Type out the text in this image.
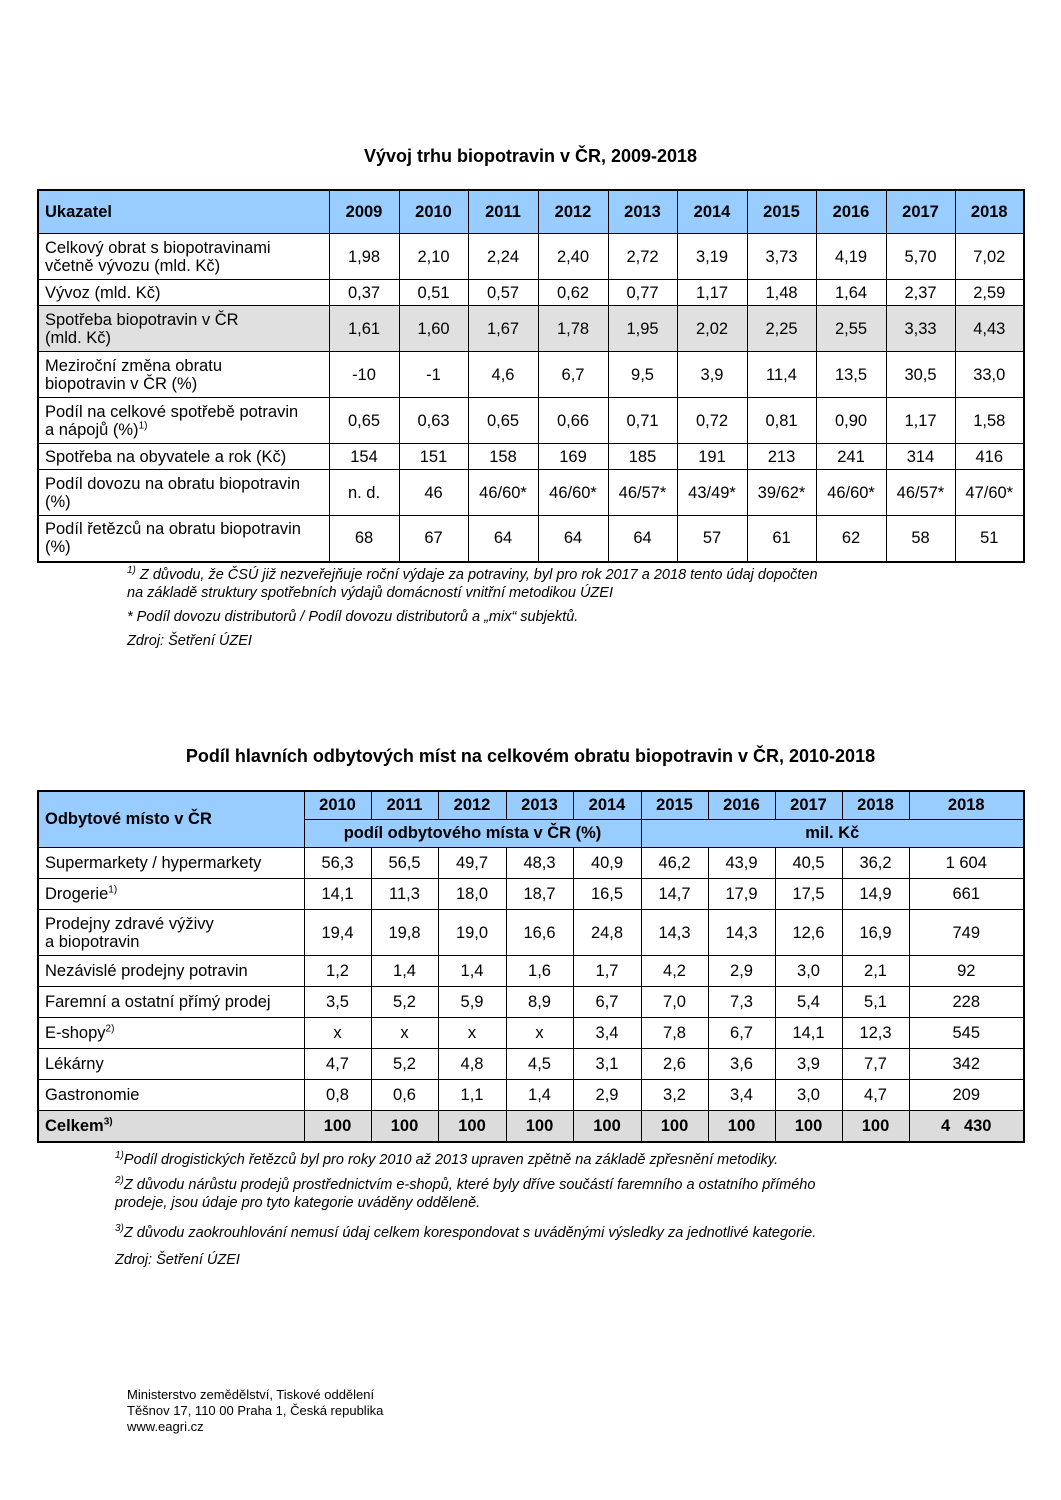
Vývoj trhu biopotravin v ČR, 2009-2018
Ukazatel	2009	2010	2011	2012	2013	2014	2015	2016	2017	2018
Celkový obrat s biopotravinami
včetně vývozu (mld. Kč)	1,98	2,10	2,24	2,40	2,72	3,19	3,73	4,19	5,70	7,02
Vývoz (mld. Kč)	0,37	0,51	0,57	0,62	0,77	1,17	1,48	1,64	2,37	2,59
Spotřeba biopotravin v ČR
(mld. Kč)	1,61	1,60	1,67	1,78	1,95	2,02	2,25	2,55	3,33	4,43
Meziroční změna obratu
biopotravin v ČR (%)	-10	-1	4,6	6,7	9,5	3,9	11,4	13,5	30,5	33,0
Podíl na celkové spotřebě potravin
a nápojů (%)$^{1)}$	0,65	0,63	0,65	0,66	0,71	0,72	0,81	0,90	1,17	1,58
Spotřeba na obyvatele a rok (Kč)	154	151	158	169	185	191	213	241	314	416
Podíl dovozu na obratu biopotravin
(%)	n. d.	46	46/60*	46/60*	46/57*	43/49*	39/62*	46/60*	46/57*	47/60*
Podíl řetězců na obratu biopotravin
(%)	68	67	64	64	64	57	61	62	58	51
$^{1)}$ Z důvodu, že ČSÚ již nezveřejňuje roční výdaje za potraviny, byl pro rok 2017 a 2018 tento údaj dopočten
na základě struktury spotřebních výdajů domácností vnitřní metodikou ÚZEI
* Podíl dovozu distributorů / Podíl dovozu distributorů a „mix“ subjektů.
Zdroj: Šetření ÚZEI
Podíl hlavních odbytových míst na celkovém obratu biopotravin v ČR, 2010-2018
Odbytové místo v ČR	2010	2011	2012	2013	2014	2015	2016	2017	2018	2018
	podíl odbytového místa v ČR (%)					mil. Kč				
Supermarkety / hypermarkety	56,3	56,5	49,7	48,3	40,9	46,2	43,9	40,5	36,2	1 604
Drogerie$^{1)}$	14,1	11,3	18,0	18,7	16,5	14,7	17,9	17,5	14,9	661
Prodejny zdravé výživy
a biopotravin	19,4	19,8	19,0	16,6	24,8	14,3	14,3	12,6	16,9	749
Nezávislé prodejny potravin	1,2	1,4	1,4	1,6	1,7	4,2	2,9	3,0	2,1	92
Faremní a ostatní přímý prodej	3,5	5,2	5,9	8,9	6,7	7,0	7,3	5,4	5,1	228
E-shopy$^{2)}$	x	x	x	x	3,4	7,8	6,7	14,1	12,3	545
Lékárny	4,7	5,2	4,8	4,5	3,1	2,6	3,6	3,9	7,7	342
Gastronomie	0,8	0,6	1,1	1,4	2,9	3,2	3,4	3,0	4,7	209
Celkem$^{3)}$	100	100	100	100	100	100	100	100	100	4   430
$^{1)}$Podíl drogistických řetězců byl pro roky 2010 až 2013 upraven zpětně na základě zpřesnění metodiky.
$^{2)}$Z důvodu nárůstu prodejů prostřednictvím e-shopů, které byly dříve součástí faremního a ostatního přímého
prodeje, jsou údaje pro tyto kategorie uváděny odděleně.
$^{3)}$Z důvodu zaokrouhlování nemusí údaj celkem korespondovat s uváděnými výsledky za jednotlivé kategorie.
Zdroj: Šetření ÚZEI
Ministerstvo zemědělství, Tiskové oddělení
Těšnov 17, 110 00 Praha 1, Česká republika
www.eagri.cz
